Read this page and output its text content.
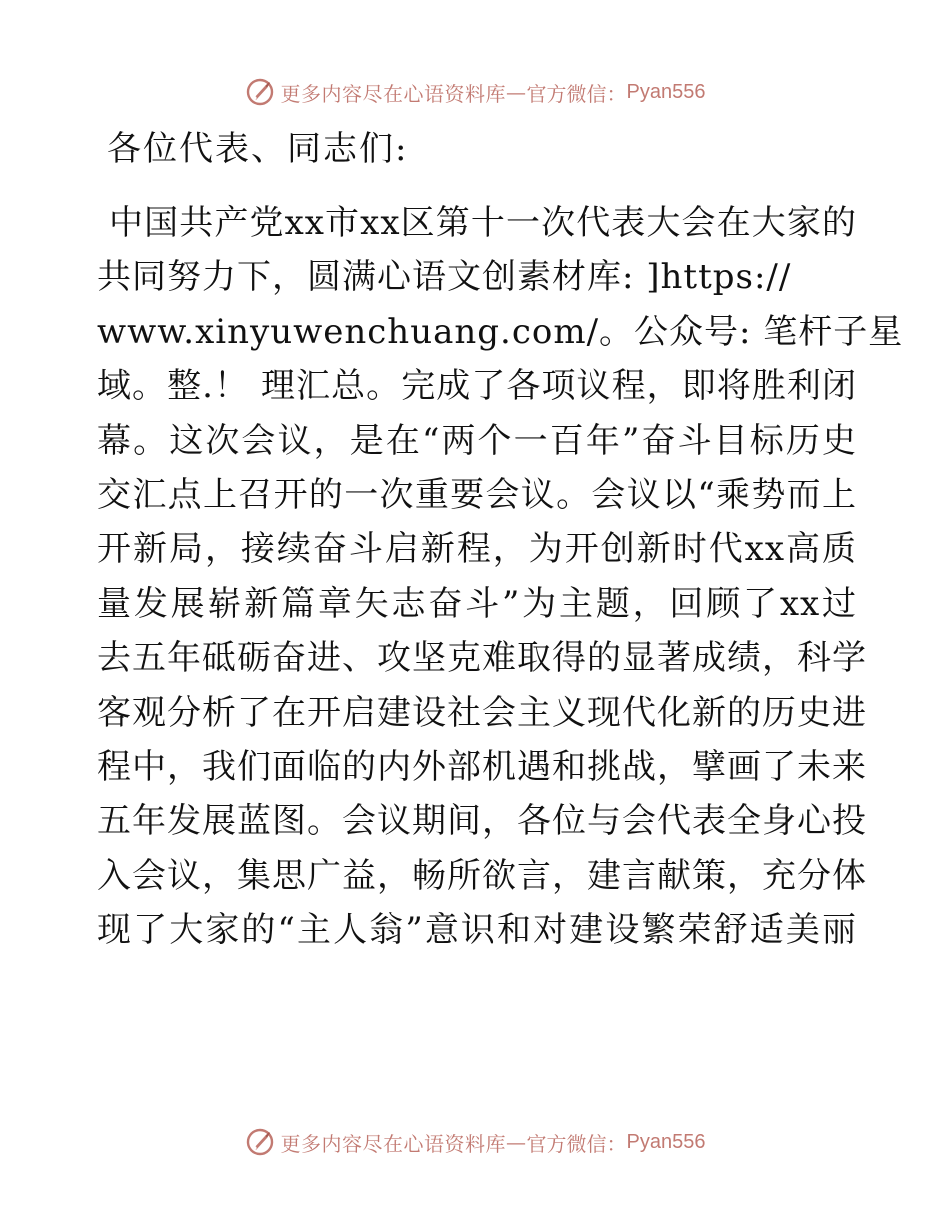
更多内容尽在心语资料库 — 官方微信： Pyan556
各位代表、同志们:
中国共产党xx市xx区第十一次代表大会在大家的
共同努力下，圆满心语文创素材库: ]https://
www.xinyuwenchuang.com/。公众号: 笔杆子星
域。整.！ 理汇总。完成了各项议程，即将胜利闭
幕。这次会议，是在“两个一百年”奋斗目标历史
交汇点上召开的一次重要会议。会议以“乘势而上
开新局，接续奋斗启新程，为开创新时代xx高质
量发展崭新篇章矢志奋斗”为主题，回顾了xx过
去五年砥砺奋进、攻坚克难取得的显著成绩，科学
客观分析了在开启建设社会主义现代化新的历史进
程中，我们面临的内外部机遇和挑战，擘画了未来
五年发展蓝图。会议期间，各位与会代表全身心投
入会议，集思广益，畅所欲言，建言献策，充分体
现了大家的“主人翁”意识和对建设繁荣舒适美丽
更多内容尽在心语资料库 — 官方微信： Pyan556
